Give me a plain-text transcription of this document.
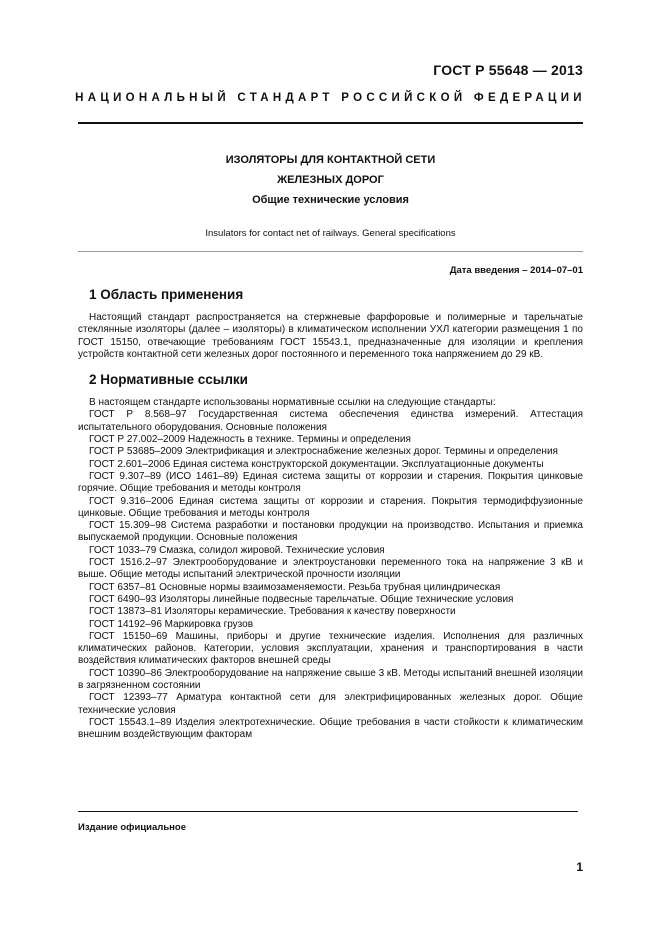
ГОСТ Р 55648 — 2013
НАЦИОНАЛЬНЫЙ СТАНДАРТ РОССИЙСКОЙ ФЕДЕРАЦИИ
ИЗОЛЯТОРЫ ДЛЯ КОНТАКТНОЙ СЕТИ
ЖЕЛЕЗНЫХ ДОРОГ
Общие технические условия
Insulators for contact net of railways. General specifications
Дата введения – 2014–07–01
1 Область применения

Настоящий стандарт распространяется на стержневые фарфоровые и полимерные и тарельчатые стеклянные изоляторы (далее – изоляторы) в климатическом исполнении УХЛ категории размещения 1 по ГОСТ 15150, отвечающие требованиям ГОСТ 15543.1, предназначенные для изоляции и крепления устройств контактной сети железных дорог постоянного и переменного тока напряжением до 29 кВ.

2 Нормативные ссылки

В настоящем стандарте использованы нормативные ссылки на следующие стандарты:

ГОСТ Р 8.568–97 Государственная система обеспечения единства измерений. Аттестация испытательного оборудования. Основные положения

ГОСТ Р 27.002–2009 Надежность в технике. Термины и определения

ГОСТ Р 53685–2009 Электрификация и электроснабжение железных дорог. Термины и определения

ГОСТ 2.601–2006 Единая система конструкторской документации. Эксплуатационные документы

ГОСТ 9.307–89 (ИСО 1461–89) Единая система защиты от коррозии и старения. Покрытия цинковые горячие. Общие требования и методы контроля

ГОСТ 9.316–2006 Единая система защиты от коррозии и старения. Покрытия термодиффузионные цинковые. Общие требования и методы контроля

ГОСТ 15.309–98 Система разработки и постановки продукции на производство. Испытания и приемка выпускаемой продукции. Основные положения

ГОСТ 1033–79 Смазка, солидол жировой. Технические условия

ГОСТ 1516.2–97 Электрооборудование и электроустановки переменного тока на напряжение 3 кВ и выше. Общие методы испытаний электрической прочности изоляции

ГОСТ 6357–81 Основные нормы взаимозаменяемости. Резьба трубная цилиндрическая

ГОСТ 6490–93 Изоляторы линейные подвесные тарельчатые. Общие технические условия

ГОСТ 13873–81 Изоляторы керамические. Требования к качеству поверхности

ГОСТ 14192–96 Маркировка грузов

ГОСТ 15150–69 Машины, приборы и другие технические изделия. Исполнения для различных климатических районов. Категории, условия эксплуатации, хранения и транспортирования в части воздействия климатических факторов внешней среды

ГОСТ 10390–86 Электрооборудование на напряжение свыше 3 кВ. Методы испытаний внешней изоляции в загрязненном состоянии

ГОСТ 12393–77 Арматура контактной сети для электрифицированных железных дорог. Общие технические условия

ГОСТ 15543.1–89 Изделия электротехнические. Общие требования в части стойкости к климатическим внешним воздействующим факторам

Издание официальное
1
